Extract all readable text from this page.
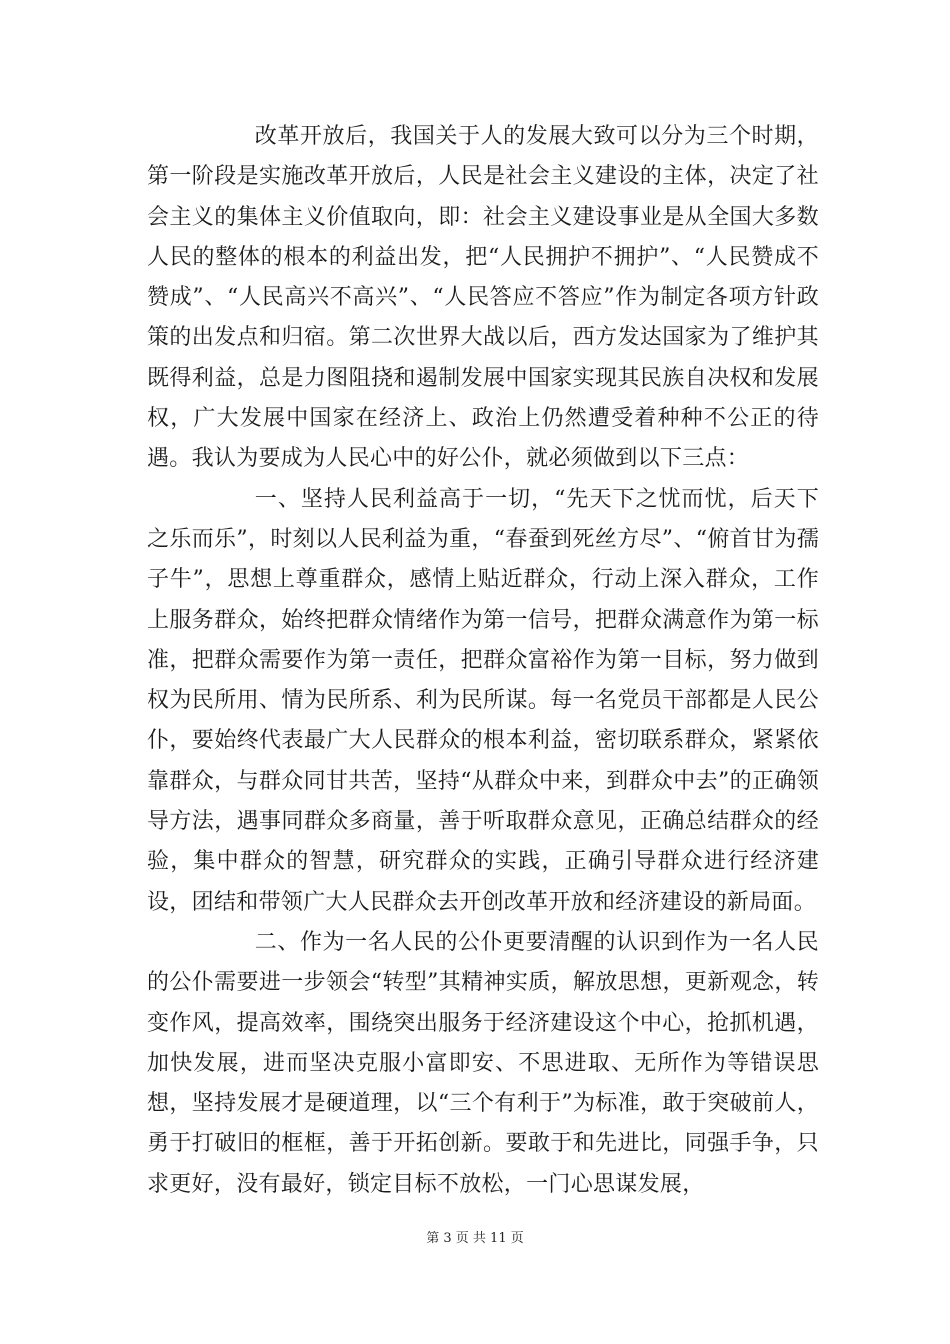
改革开放后，我国关于人的发展大致可以分为三个时期，第一阶段是实施改革开放后，人民是社会主义建设的主体，决定了社会主义的集体主义价值取向，即：社会主义建设事业是从全国大多数人民的整体的根本的利益出发，把“人民拥护不拥护”、“人民赞成不赞成”、“人民高兴不高兴”、“人民答应不答应”作为制定各项方针政策的出发点和归宿。第二次世界大战以后，西方发达国家为了维护其既得利益，总是力图阻挠和遏制发展中国家实现其民族自决权和发展权，广大发展中国家在经济上、政治上仍然遭受着种种不公正的待遇。我认为要成为人民心中的好公仆，就必须做到以下三点：

一、坚持人民利益高于一切，“先天下之忧而忧，后天下之乐而乐”，时刻以人民利益为重，“春蚕到死丝方尽”、“俯首甘为孺子牛”，思想上尊重群众，感情上贴近群众，行动上深入群众，工作上服务群众，始终把群众情绪作为第一信号，把群众满意作为第一标准，把群众需要作为第一责任，把群众富裕作为第一目标，努力做到权为民所用、情为民所系、利为民所谋。每一名党员干部都是人民公仆，要始终代表最广大人民群众的根本利益，密切联系群众，紧紧依靠群众，与群众同甘共苦，坚持“从群众中来，到群众中去”的正确领导方法，遇事同群众多商量，善于听取群众意见，正确总结群众的经验，集中群众的智慧，研究群众的实践，正确引导群众进行经济建设，团结和带领广大人民群众去开创改革开放和经济建设的新局面。

二、作为一名人民的公仆更要清醒的认识到作为一名人民的公仆需要进一步领会“转型”其精神实质，解放思想，更新观念，转变作风，提高效率，围绕突出服务于经济建设这个中心，抢抓机遇，加快发展，进而坚决克服小富即安、不思进取、无所作为等错误思想，坚持发展才是硬道理，以“三个有利于”为标准，敢于突破前人，勇于打破旧的框框，善于开拓创新。要敢于和先进比，同强手争，只求更好，没有最好，锁定目标不放松，一门心思谋发展，

第 3 页 共 11 页
